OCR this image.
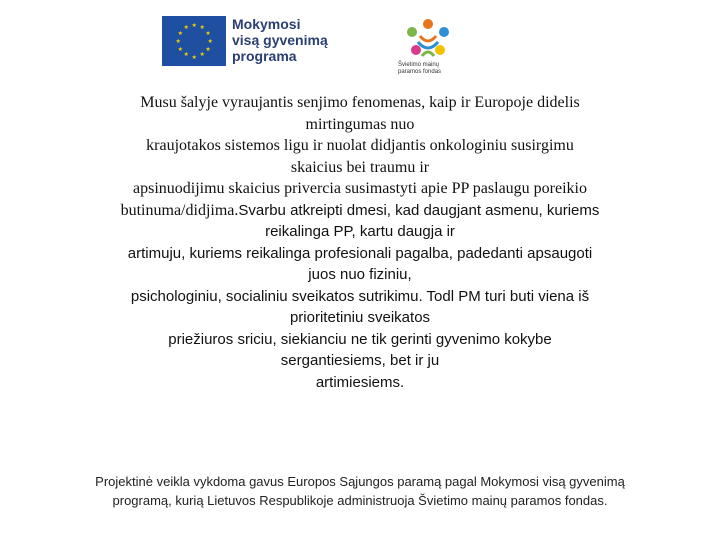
★
★
★
★
★
★
★
★
★ ★ ★
★
Mokymosi
visą gyvenimą
programa
Švietimo mainų
paramos fondas
Musu šalyje vyraujantis senjimo fenomenas, kaip ir Europoje didelis
mirtingumas nuo
kraujotakos sistemos ligu ir nuolat didjantis onkologiniu susirgimu
skaicius bei traumu ir
apsinuodijimu skaicius privercia susimastyti apie PP paslaugu poreikio
butinuma/didjima.Svarbu atkreipti dmesi, kad daugjant asmenu, kuriems
reikalinga PP, kartu daugja ir
artimuju, kuriems reikalinga profesionali pagalba, padedanti apsaugoti
juos nuo fiziniu,
psichologiniu, socialiniu sveikatos sutrikimu. Todl PM turi buti viena iš
prioritetiniu sveikatos
priežiuros sriciu, siekianciu ne tik gerinti gyvenimo kokybe
sergantiesiems, bet ir ju
artimiesiems.
Projektinė veikla vykdoma gavus Europos Sąjungos paramą pagal Mokymosi visą gyvenimą
programą, kurią Lietuvos Respublikoje administruoja Švietimo mainų paramos fondas.
